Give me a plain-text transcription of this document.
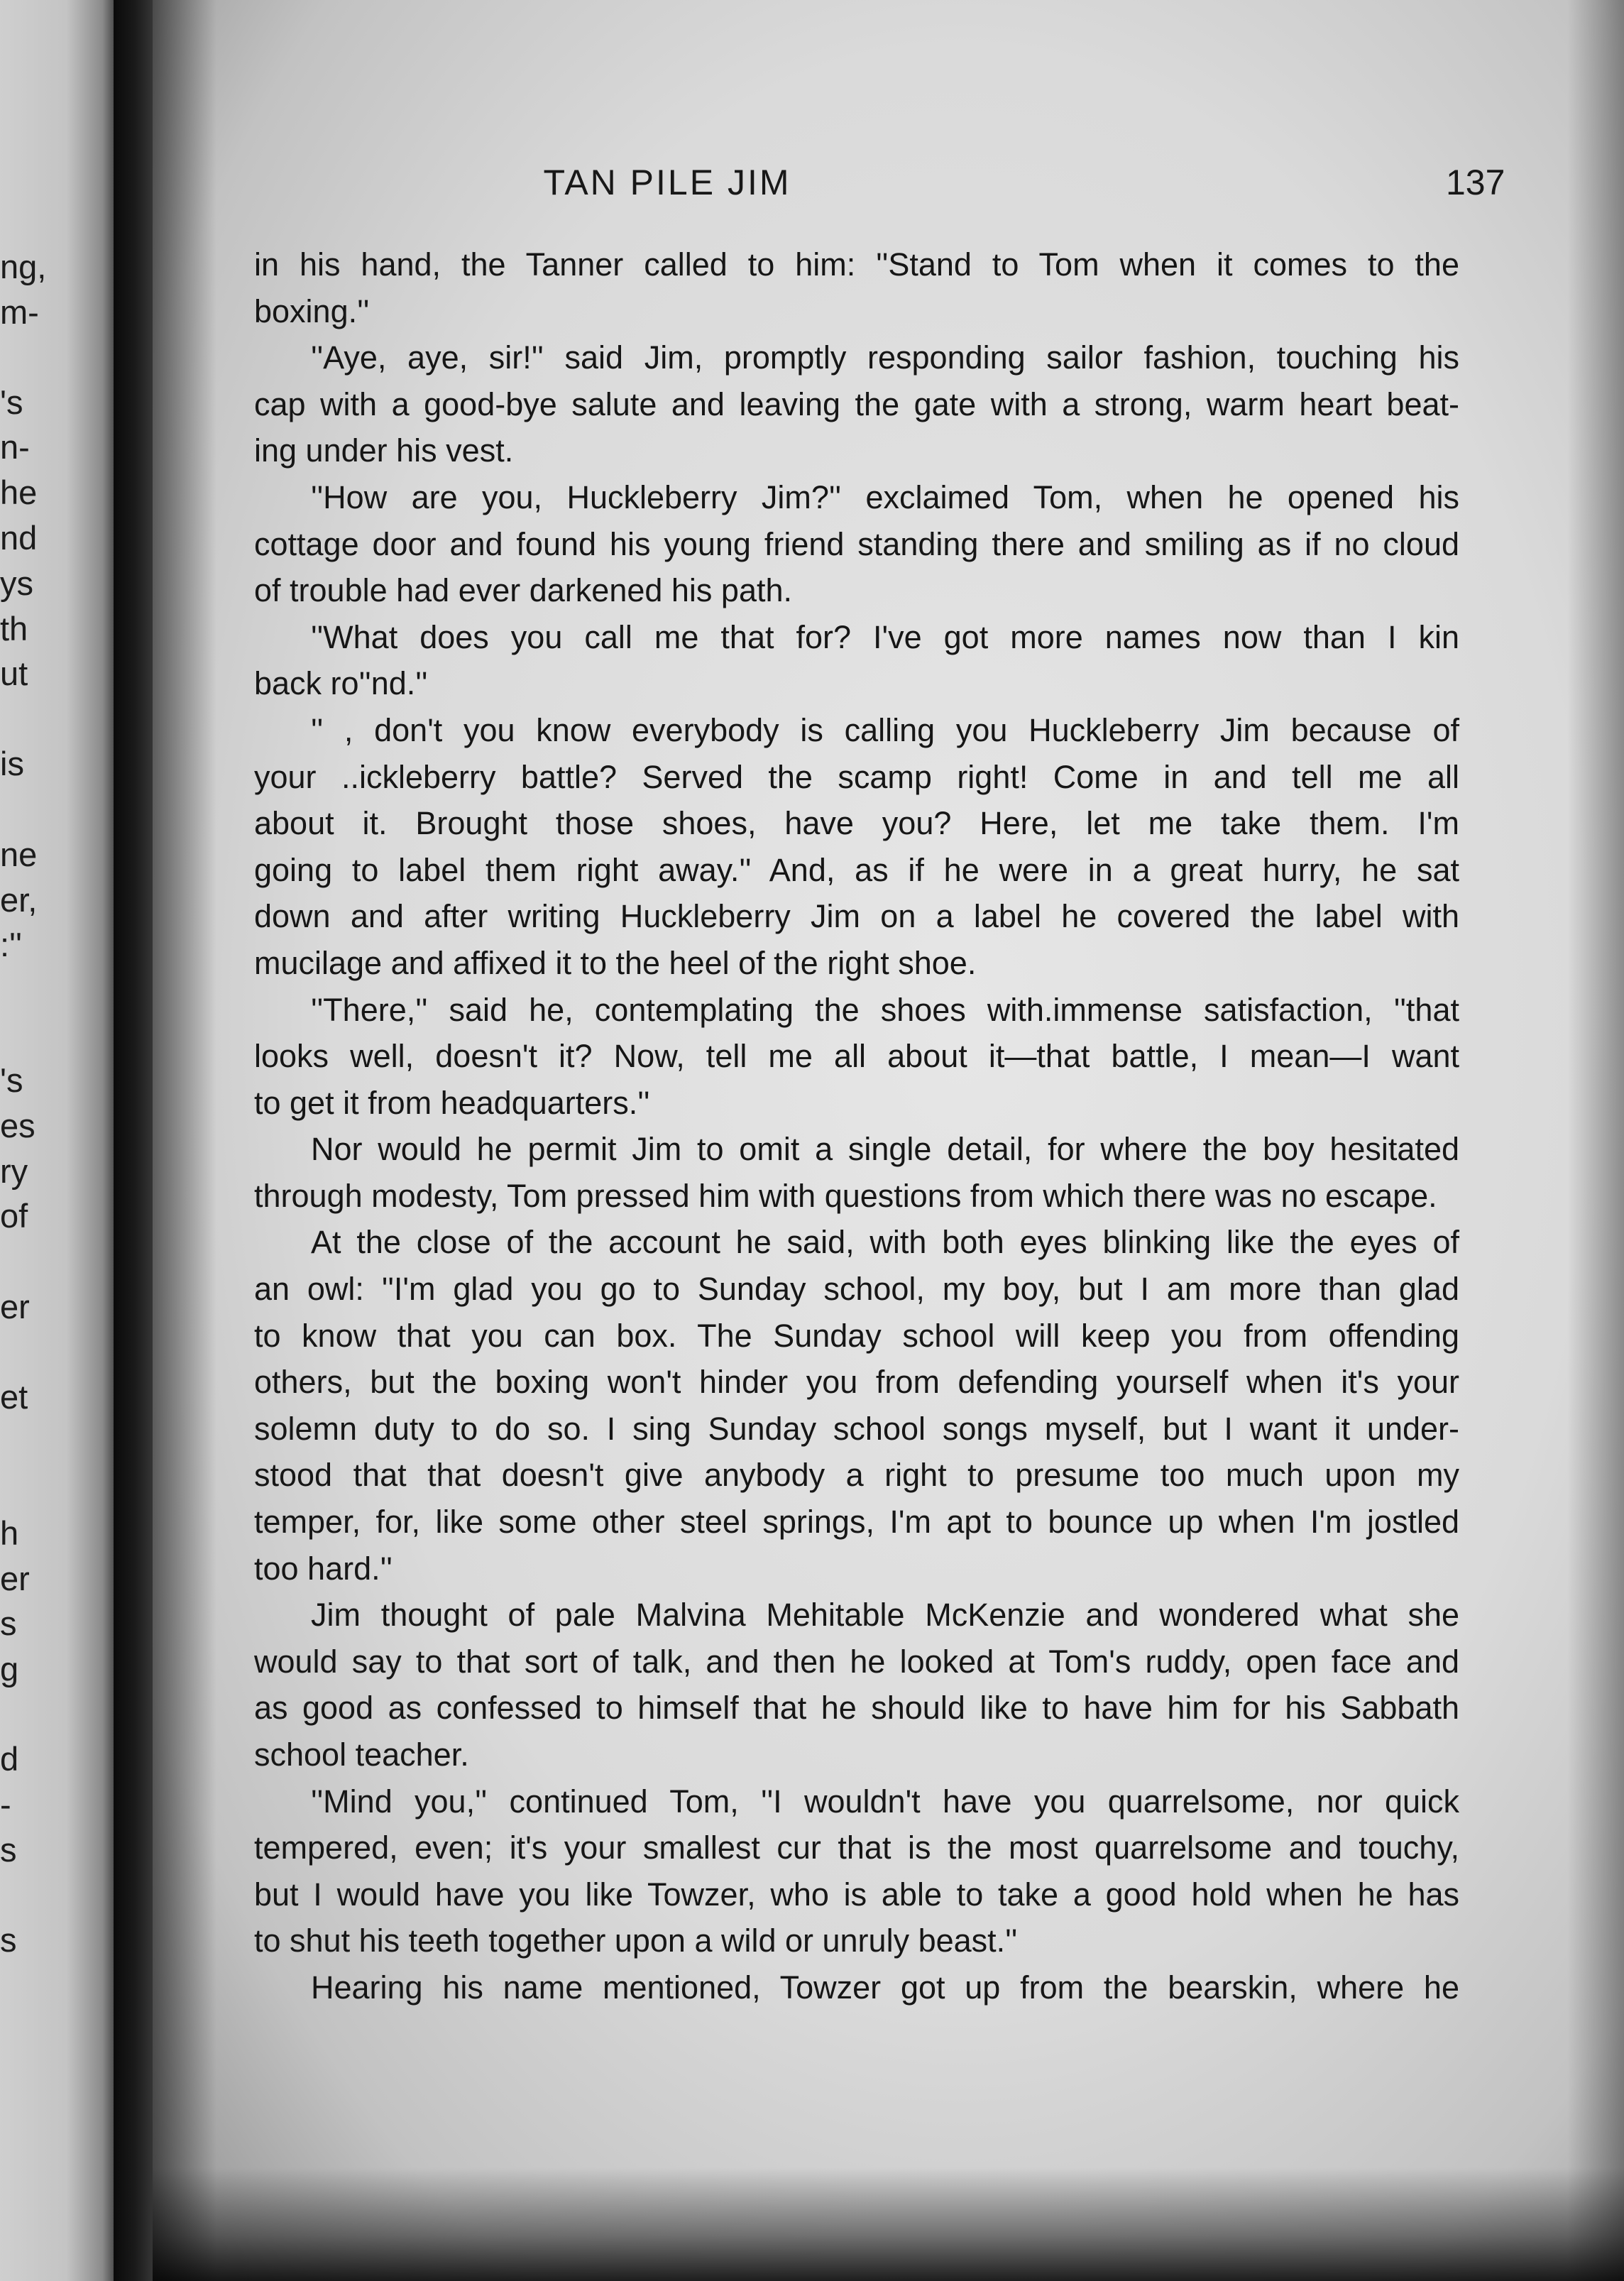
ng,
m-
's
n-
he
nd
ys
th
ut
is
ne
er,
:''
's
es
ry
of
er
et
h
er
s
g
d
-
s
s
TAN PILE JIM	137
in his hand, the Tanner called to him: ''Stand to Tom when it comes to the
boxing.''
''Aye, aye, sir!'' said Jim, promptly responding sailor fashion, touching his
cap with a good-bye salute and leaving the gate with a strong, warm heart beat-
ing under his vest.
''How are you, Huckleberry Jim?'' exclaimed Tom, when he opened his
cottage door and found his young friend standing there and smiling as if no cloud
of trouble had ever darkened his path.
''What does you call me that for? I've got more names now than I kin
back ro''nd.''
'' , don't you know everybody is calling you Huckleberry Jim because of
your ..ickleberry battle? Served the scamp right! Come in and tell me all
about it. Brought those shoes, have you? Here, let me take them. I'm
going to label them right away.'' And, as if he were in a great hurry, he sat
down and after writing Huckleberry Jim on a label he covered the label with
mucilage and affixed it to the heel of the right shoe.
''There,'' said he, contemplating the shoes with.immense satisfaction, ''that
looks well, doesn't it? Now, tell me all about it—that battle, I mean—I want
to get it from headquarters.''
Nor would he permit Jim to omit a single detail, for where the boy hesitated
through modesty, Tom pressed him with questions from which there was no escape.
At the close of the account he said, with both eyes blinking like the eyes of
an owl: ''I'm glad you go to Sunday school, my boy, but I am more than glad
to know that you can box. The Sunday school will keep you from offending
others, but the boxing won't hinder you from defending yourself when it's your
solemn duty to do so. I sing Sunday school songs myself, but I want it under-
stood that that doesn't give anybody a right to presume too much upon my
temper, for, like some other steel springs, I'm apt to bounce up when I'm jostled
too hard.''
Jim thought of pale Malvina Mehitable McKenzie and wondered what she
would say to that sort of talk, and then he looked at Tom's ruddy, open face and
as good as confessed to himself that he should like to have him for his Sabbath
school teacher.
''Mind you,'' continued Tom, ''I wouldn't have you quarrelsome, nor quick
tempered, even; it's your smallest cur that is the most quarrelsome and touchy,
but I would have you like Towzer, who is able to take a good hold when he has
to shut his teeth together upon a wild or unruly beast.''
Hearing his name mentioned, Towzer got up from the bearskin, where he
